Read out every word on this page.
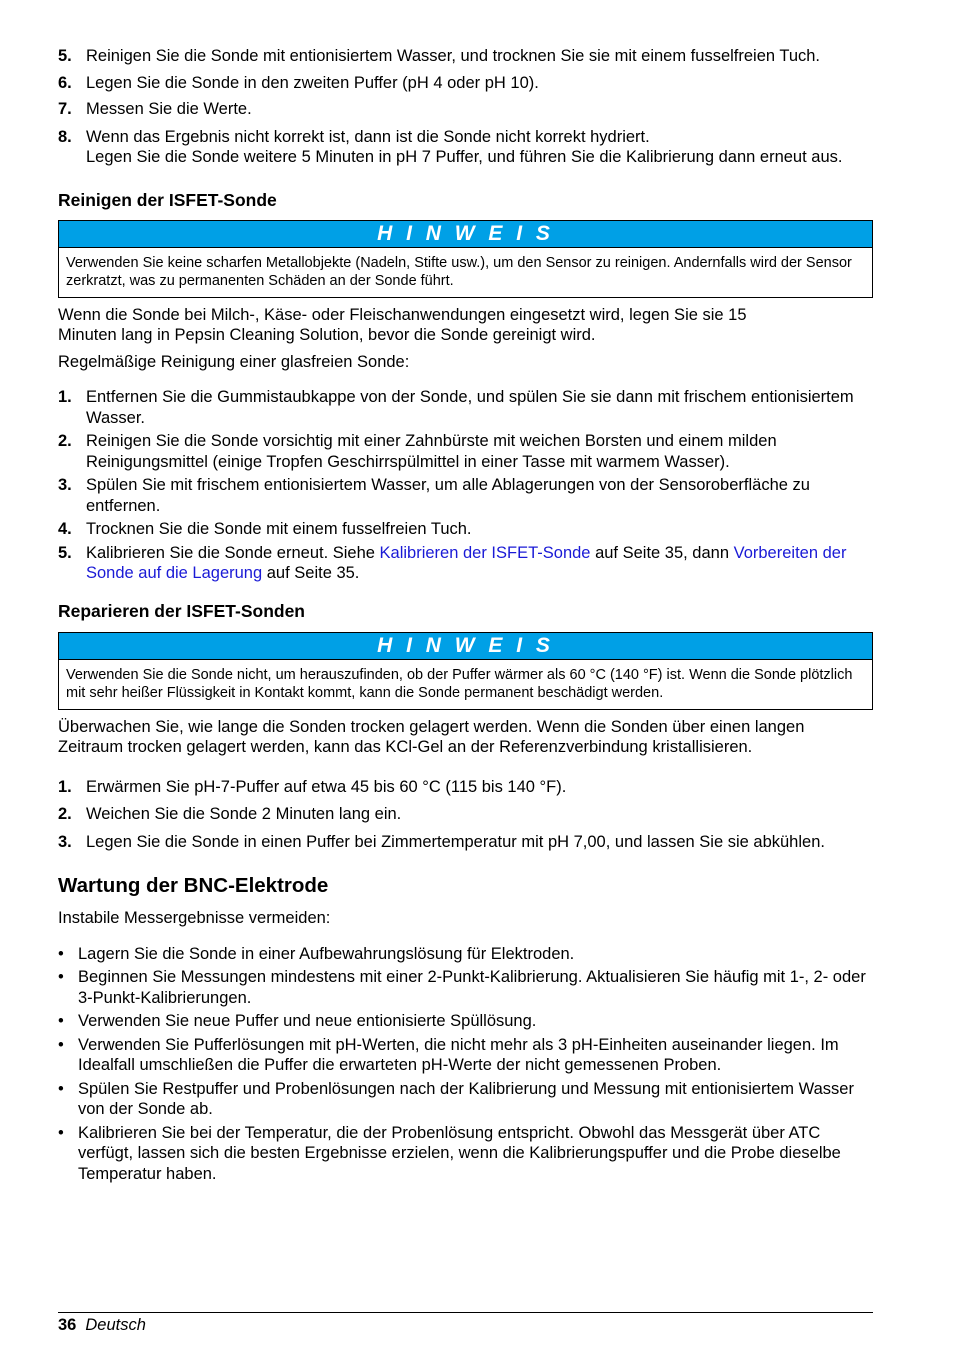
5. Reinigen Sie die Sonde mit entionisiertem Wasser, und trocknen Sie sie mit einem fusselfreien Tuch.
6. Legen Sie die Sonde in den zweiten Puffer (pH 4 oder pH 10).
7. Messen Sie die Werte.
8. Wenn das Ergebnis nicht korrekt ist, dann ist die Sonde nicht korrekt hydriert.
Legen Sie die Sonde weitere 5 Minuten in pH 7 Puffer, und führen Sie die Kalibrierung dann erneut aus.
Reinigen der ISFET-Sonde
H I N W E I S
Verwenden Sie keine scharfen Metallobjekte (Nadeln, Stifte usw.), um den Sensor zu reinigen. Andernfalls wird der Sensor zerkratzt, was zu permanenten Schäden an der Sonde führt.

Wenn die Sonde bei Milch-, Käse- oder Fleischanwendungen eingesetzt wird, legen Sie sie 15 Minuten lang in Pepsin Cleaning Solution, bevor die Sonde gereinigt wird.

Regelmäßige Reinigung einer glasfreien Sonde:

1. Entfernen Sie die Gummistaubkappe von der Sonde, und spülen Sie sie dann mit frischem entionisiertem Wasser.
2. Reinigen Sie die Sonde vorsichtig mit einer Zahnbürste mit weichen Borsten und einem milden Reinigungsmittel (einige Tropfen Geschirrspülmittel in einer Tasse mit warmem Wasser).
3. Spülen Sie mit frischem entionisiertem Wasser, um alle Ablagerungen von der Sensoroberfläche zu entfernen.
4. Trocknen Sie die Sonde mit einem fusselfreien Tuch.
5. Kalibrieren Sie die Sonde erneut. Siehe Kalibrieren der ISFET-Sonde auf Seite 35, dann Vorbereiten der Sonde auf die Lagerung auf Seite 35.
Reparieren der ISFET-Sonden
H I N W E I S
Verwenden Sie die Sonde nicht, um herauszufinden, ob der Puffer wärmer als 60 °C (140 °F) ist. Wenn die Sonde plötzlich mit sehr heißer Flüssigkeit in Kontakt kommt, kann die Sonde permanent beschädigt werden.

Überwachen Sie, wie lange die Sonden trocken gelagert werden. Wenn die Sonden über einen langen Zeitraum trocken gelagert werden, kann das KCl-Gel an der Referenzverbindung kristallisieren.

1. Erwärmen Sie pH-7-Puffer auf etwa 45 bis 60 °C (115 bis 140 °F).
2. Weichen Sie die Sonde 2 Minuten lang ein.
3. Legen Sie die Sonde in einen Puffer bei Zimmertemperatur mit pH 7,00, und lassen Sie sie abkühlen.
Wartung der BNC-Elektrode

Instabile Messergebnisse vermeiden:

• Lagern Sie die Sonde in einer Aufbewahrungslösung für Elektroden.
• Beginnen Sie Messungen mindestens mit einer 2-Punkt-Kalibrierung. Aktualisieren Sie häufig mit 1-, 2- oder 3-Punkt-Kalibrierungen.
• Verwenden Sie neue Puffer und neue entionisierte Spüllösung.
• Verwenden Sie Pufferlösungen mit pH-Werten, die nicht mehr als 3 pH-Einheiten auseinander liegen. Im Idealfall umschließen die Puffer die erwarteten pH-Werte der nicht gemessenen Proben.
• Spülen Sie Restpuffer und Probenlösungen nach der Kalibrierung und Messung mit entionisiertem Wasser von der Sonde ab.
• Kalibrieren Sie bei der Temperatur, die der Probenlösung entspricht. Obwohl das Messgerät über ATC verfügt, lassen sich die besten Ergebnisse erzielen, wenn die Kalibrierungspuffer und die Probe dieselbe Temperatur haben.
36 Deutsch
